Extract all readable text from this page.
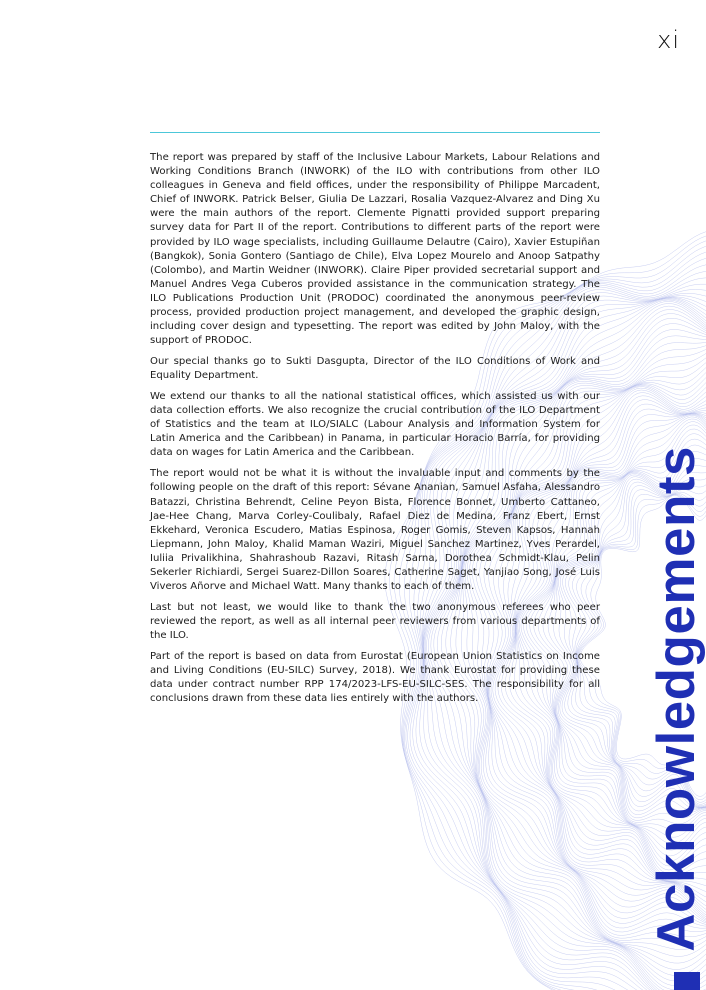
xi

The report was prepared by staff of the Inclusive Labour Markets, Labour Relations and Working Conditions Branch (INWORK) of the ILO with contributions from other ILO colleagues in Geneva and field offices, under the responsibility of Philippe Marcadent, Chief of INWORK. Patrick Belser, Giulia De Lazzari, Rosalia Vazquez-Alvarez and Ding Xu were the main authors of the report. Clemente Pignatti provided support preparing survey data for Part II of the report. Contributions to different parts of the report were provided by ILO wage specialists, including Guillaume Delautre (Cairo), Xavier Estupiñan (Bangkok), Sonia Gontero (Santiago de Chile), Elva Lopez Mourelo and Anoop Satpathy (Colombo), and Martin Weidner (INWORK). Claire Piper provided secretarial support and Manuel Andres Vega Cuberos provided assistance in the communication strategy. The ILO Publications Production Unit (PRODOC) coordinated the anonymous peer-review process, provided production project management, and developed the graphic design, including cover design and typesetting. The report was edited by John Maloy, with the support of PRODOC.

Our special thanks go to Sukti Dasgupta, Director of the ILO Conditions of Work and Equality Department.

We extend our thanks to all the national statistical offices, which assisted us with our data collection efforts. We also recognize the crucial contribution of the ILO Department of Statistics and the team at ILO/SIALC (Labour Analysis and Information System for Latin America and the Caribbean) in Panama, in particular Horacio Barría, for providing data on wages for Latin America and the Caribbean.

The report would not be what it is without the invaluable input and comments by the following people on the draft of this report: Sévane Ananian, Samuel Asfaha, Alessandro Batazzi, Christina Behrendt, Celine Peyon Bista, Florence Bonnet, Umberto Cattaneo, Jae-Hee Chang, Marva Corley-Coulibaly, Rafael Diez de Medina, Franz Ebert, Ernst Ekkehard, Veronica Escudero, Matias Espinosa, Roger Gomis, Steven Kapsos, Hannah Liepmann, John Maloy, Khalid Maman Waziri, Miguel Sanchez Martinez, Yves Perardel, Iuliia Privalikhina, Shahrashoub Razavi, Ritash Sarna, Dorothea Schmidt-Klau, Pelin Sekerler Richiardi, Sergei Suarez-Dillon Soares, Catherine Saget, Yanjiao Song, José Luis Viveros Añorve and Michael Watt. Many thanks to each of them.

Last but not least, we would like to thank the two anonymous referees who peer reviewed the report, as well as all internal peer reviewers from various departments of the ILO.

Part of the report is based on data from Eurostat (European Union Statistics on Income and Living Conditions (EU-SILC) Survey, 2018). We thank Eurostat for providing these data under contract number RPP 174/2023-LFS-EU-SILC-SES. The responsibility for all conclusions drawn from these data lies entirely with the authors.	Acknowledgements
